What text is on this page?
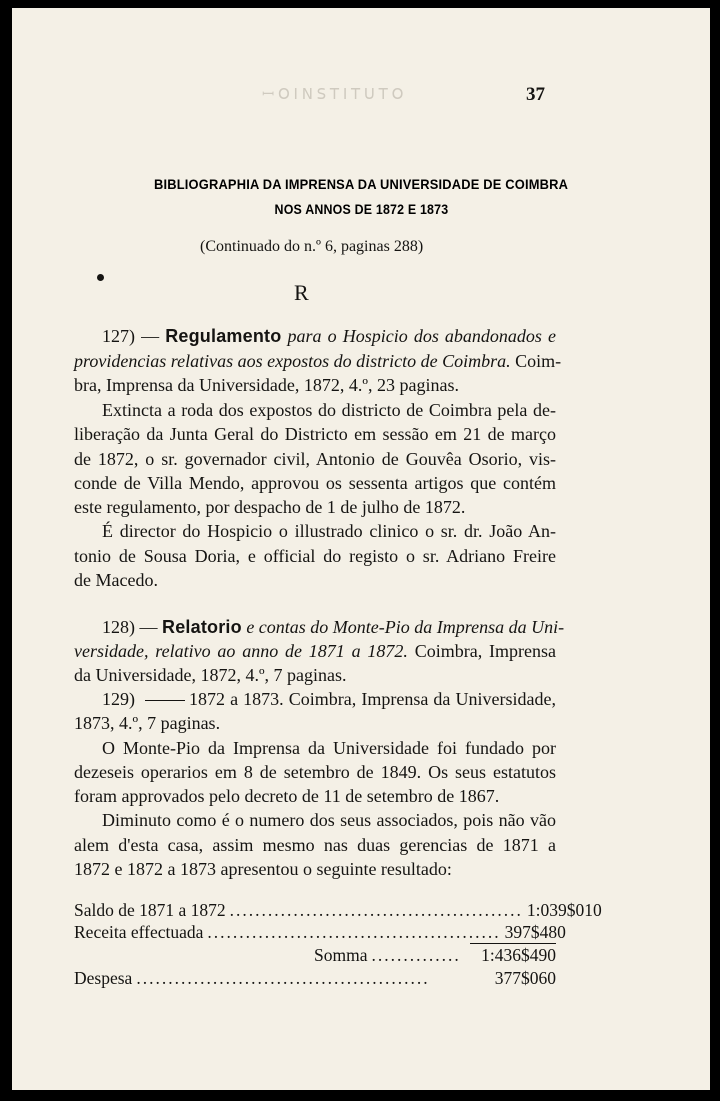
ꟷ ꓳ ꓲ ꓠ ꓢ ꓔ ꓲ ꓔ ꓴ ꓔ ꓳ	37
BIBLIOGRAPHIA DA IMPRENSA DA UNIVERSIDADE DE COIMBRA
NOS ANNOS DE 1872 E 1873
(Continuado do n.º 6, paginas 288)
R
127) — Regulamento para o Hospicio dos abandonados e
providencias relativas aos expostos do districto de Coimbra. Coim-
bra, Imprensa da Universidade, 1872, 4.º, 23 paginas.
Extincta a roda dos expostos do districto de Coimbra pela de-
liberação da Junta Geral do Districto em sessão em 21 de março
de 1872, o sr. governador civil, Antonio de Gouvêa Osorio, vis-
conde de Villa Mendo, approvou os sessenta artigos que contém
este regulamento, por despacho de 1 de julho de 1872.
É director do Hospicio o illustrado clinico o sr. dr. João An-
tonio de Sousa Doria, e official do registo o sr. Adriano Freire
de Macedo.
128) — Relatorio e contas do Monte-Pio da Imprensa da Uni-
versidade, relativo ao anno de 1871 a 1872. Coimbra, Imprensa
da Universidade, 1872, 4.º, 7 paginas.
129)	1872 a 1873. Coimbra, Imprensa da Universidade,
1873, 4.º, 7 paginas.
O Monte-Pio da Imprensa da Universidade foi fundado por
dezeseis operarios em 8 de setembro de 1849. Os seus estatutos
foram approvados pelo decreto de 11 de setembro de 1867.
Diminuto como é o numero dos seus associados, pois não vão
alem d'esta casa, assim mesmo nas duas gerencias de 1871 a
1872 e 1872 a 1873 apresentou o seguinte resultado:
Saldo de 1871 a 1872 .............................................. 1:039$010
Receita effectuada .............................................. 397$480
Somma ..............	1:436$490
Despesa ..............................................	377$060
